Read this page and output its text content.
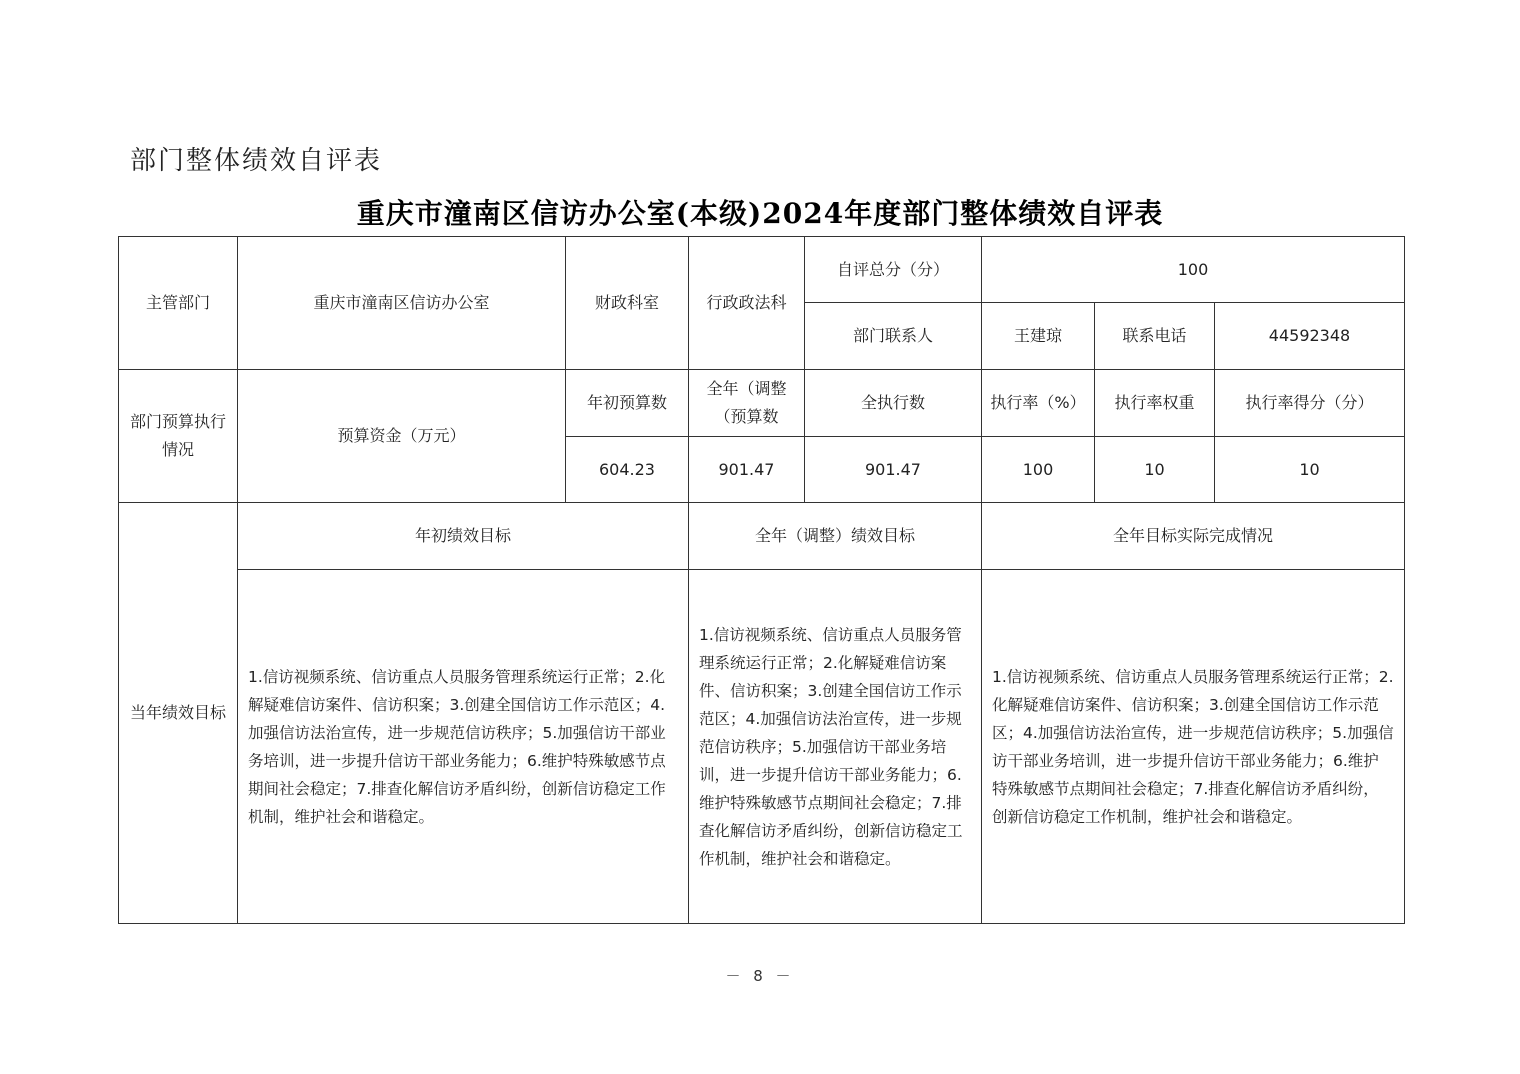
部门整体绩效自评表
重庆市潼南区信访办公室(本级)2024年度部门整体绩效自评表
主管部门	重庆市潼南区信访办公室	财政科室	行政政法科	自评总分（分）	100		
				部门联系人	王建琼	联系电话	44592348
部门预算执行情况	预算资金（万元）	年初预算数	全年（调整（预算数	全执行数	执行率（%）	执行率权重	执行率得分（分）
		604.23	901.47	901.47	100	10	10
当年绩效目标	年初绩效目标		全年（调整）绩效目标		全年目标实际完成情况		
	1.信访视频系统、信访重点人员服务管理系统运行正常；2.化解疑难信访案件、信访积案；3.创建全国信访工作示范区；4.加强信访法治宣传，进一步规范信访秩序；5.加强信访干部业务培训，进一步提升信访干部业务能力；6.维护特殊敏感节点期间社会稳定；7.排查化解信访矛盾纠纷，创新信访稳定工作机制，维护社会和谐稳定。		1.信访视频系统、信访重点人员服务管理系统运行正常；2.化解疑难信访案件、信访积案；3.创建全国信访工作示范区；4.加强信访法治宣传，进一步规范信访秩序；5.加强信访干部业务培训，进一步提升信访干部业务能力；6.维护特殊敏感节点期间社会稳定；7.排查化解信访矛盾纠纷，创新信访稳定工作机制，维护社会和谐稳定。		1.信访视频系统、信访重点人员服务管理系统运行正常；2.化解疑难信访案件、信访积案；3.创建全国信访工作示范区；4.加强信访法治宣传，进一步规范信访秩序；5.加强信访干部业务培训，进一步提升信访干部业务能力；6.维护特殊敏感节点期间社会稳定；7.排查化解信访矛盾纠纷，创新信访稳定工作机制，维护社会和谐稳定。		
－ 8 －
